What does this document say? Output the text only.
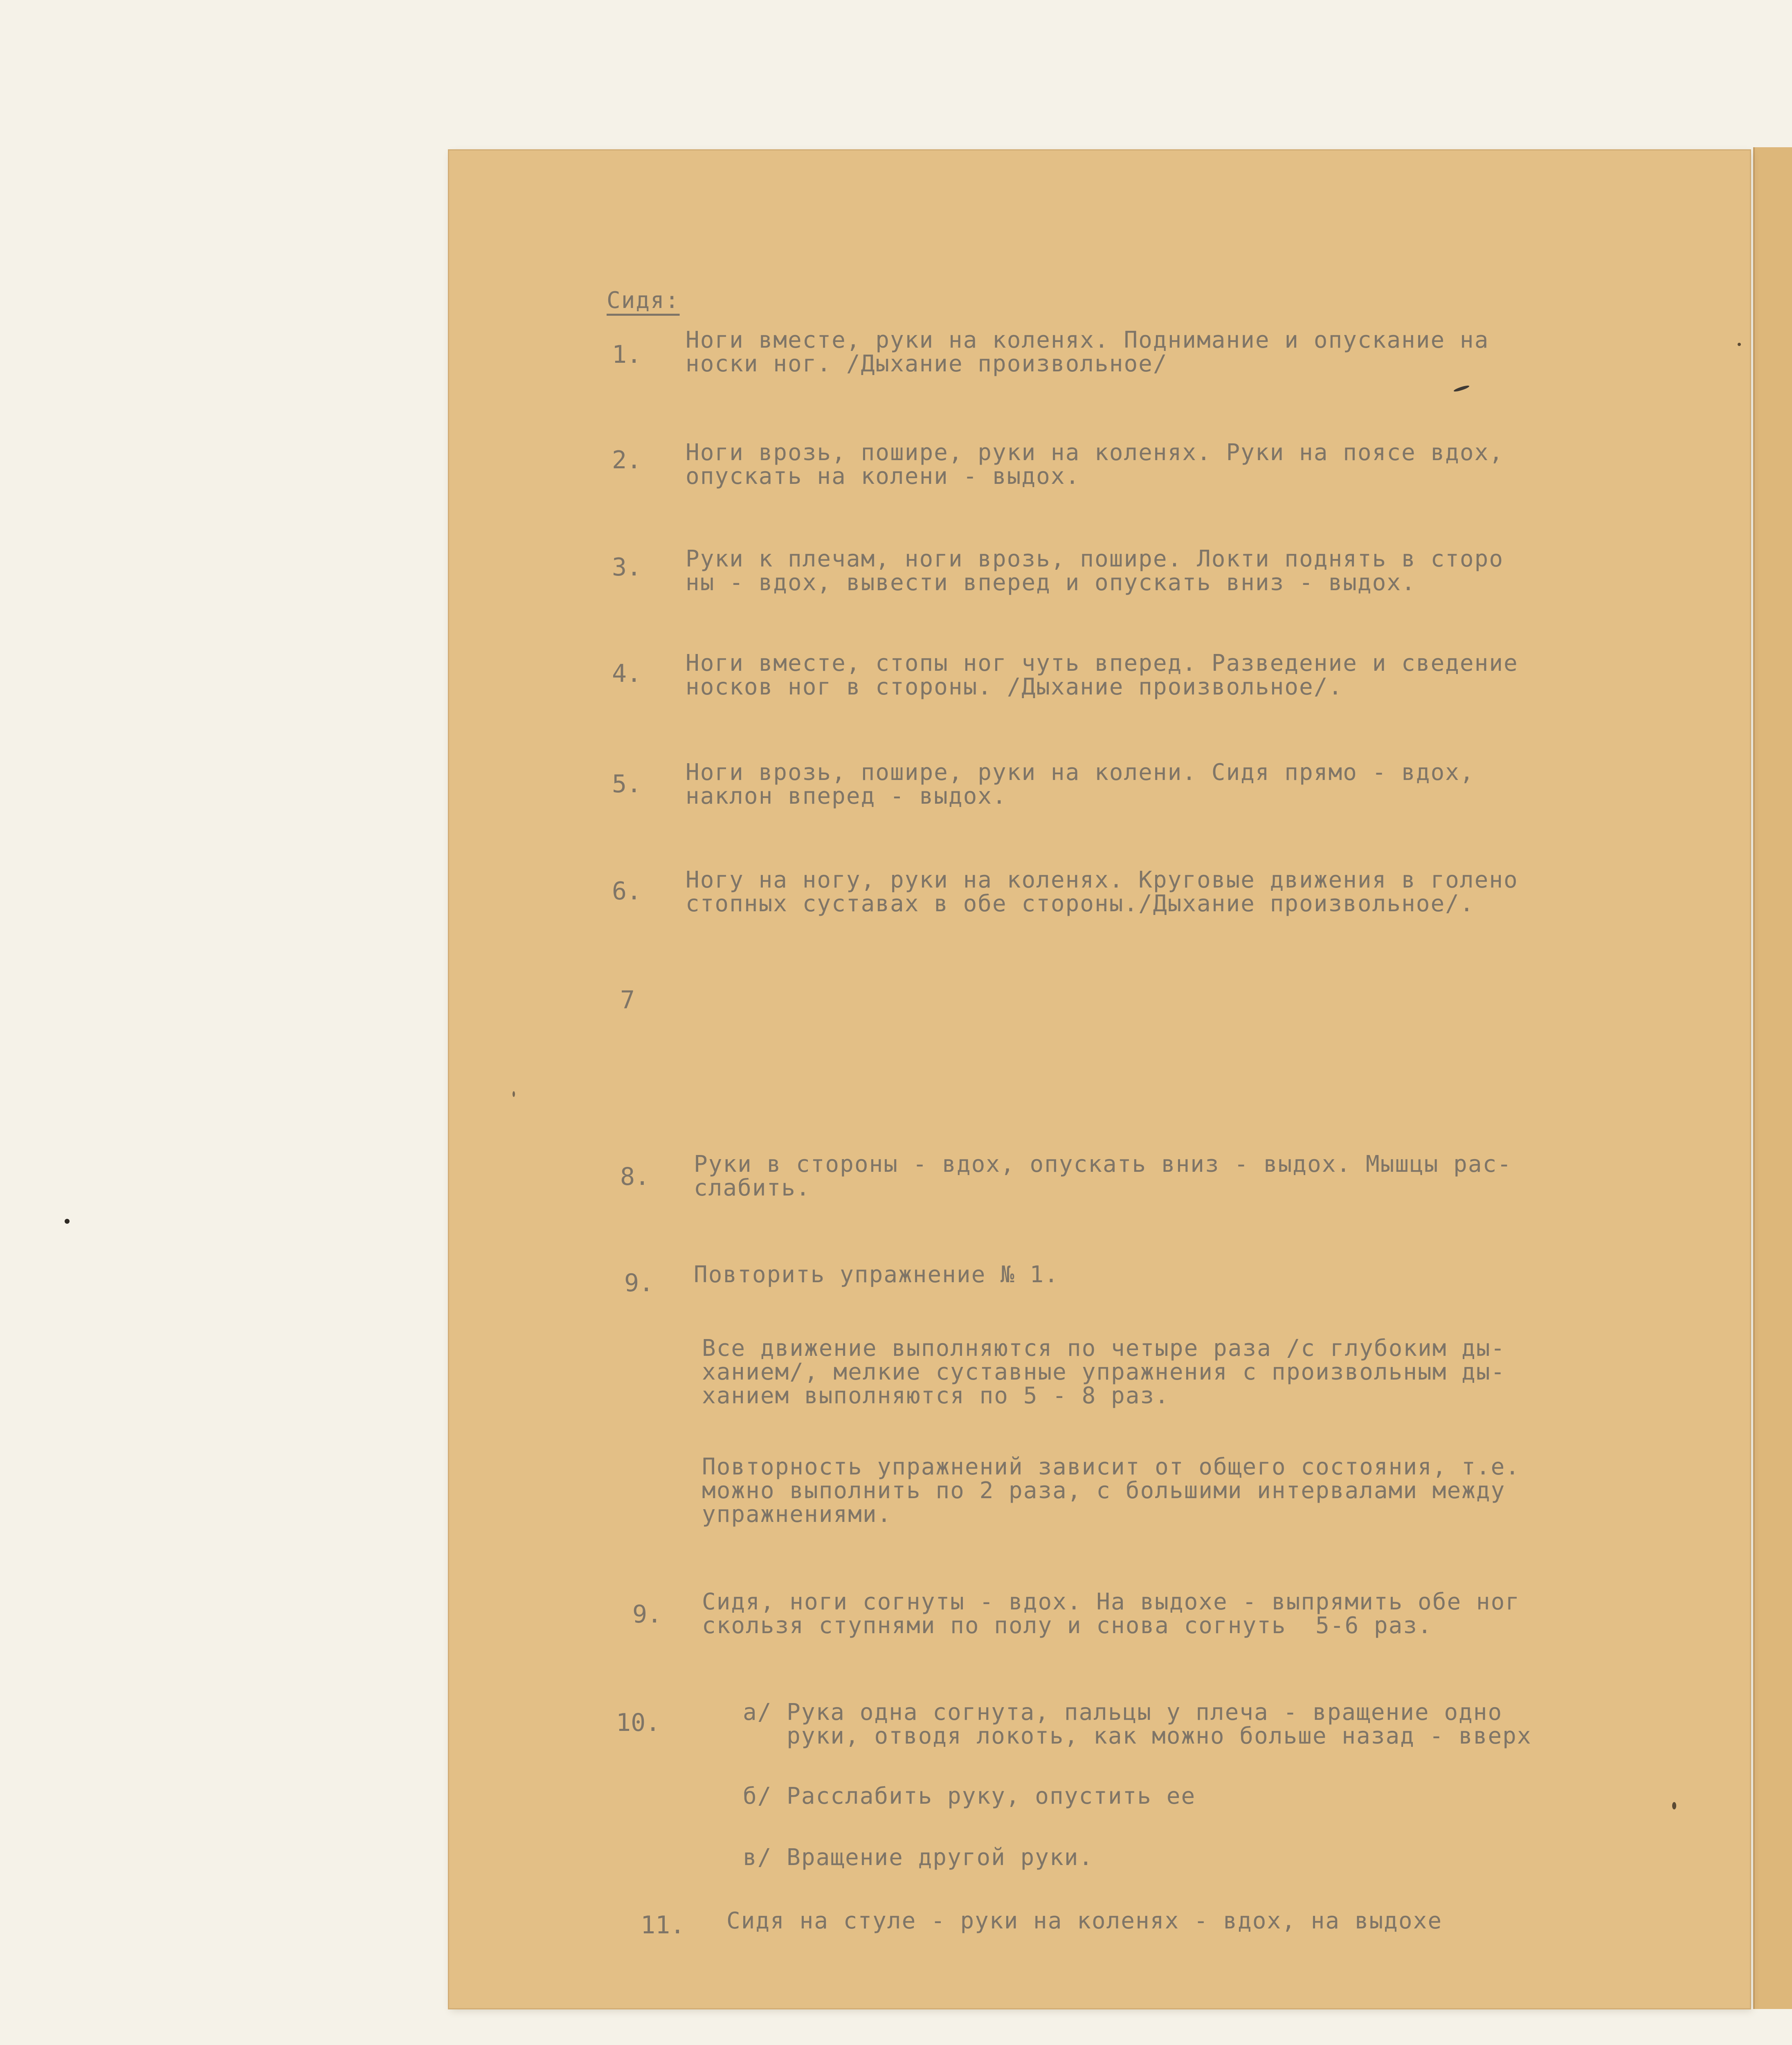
Сидя:
1.
Ноги вместе, руки на коленях. Поднимание и опускание на
носки ног. /Дыхание произвольное/
2. Ноги врозь, пошире, руки на коленях. Руки на поясе вдох,
опускать на колени - выдох.
3. Руки к плечам, ноги врозь, пошире. Локти поднять в сторо
ны - вдох, вывести вперед и опускать вниз - выдох.
4. Ноги вместе, стопы ног чуть вперед. Разведение и сведение
носков ног в стороны. /Дыхание произвольное/.
5. Ноги врозь, пошире, руки на колени. Сидя прямо - вдох,
наклон вперед - выдох.
6. Ногу на ногу, руки на коленях. Круговые движения в голено
стопных суставах в обе стороны./Дыхание произвольное/.
7
8. Руки в стороны - вдох, опускать вниз - выдох. Мышцы рас-
слабить.
9. Повторить упражнение № 1.
Все движение выполняются по четыре раза /с глубоким ды-
ханием/, мелкие суставные упражнения с произвольным ды-
ханием выполняются по 5 - 8 раз.
Повторность упражнений зависит от общего состояния, т.е.
можно выполнить по 2 раза, с большими интервалами между
упражнениями.
9. Сидя, ноги согнуты - вдох. На выдохе - выпрямить обе ног
скользя ступнями по полу и снова согнуть  5-6 раз.
10.	а/ Рука одна согнута, пальцы у плеча - вращение одно
руки, отводя локоть, как можно больше назад - вверх
б/ Расслабить руку, опустить ее
в/ Вращение другой руки.
11. Сидя на стуле - руки на коленях - вдох, на выдохе
